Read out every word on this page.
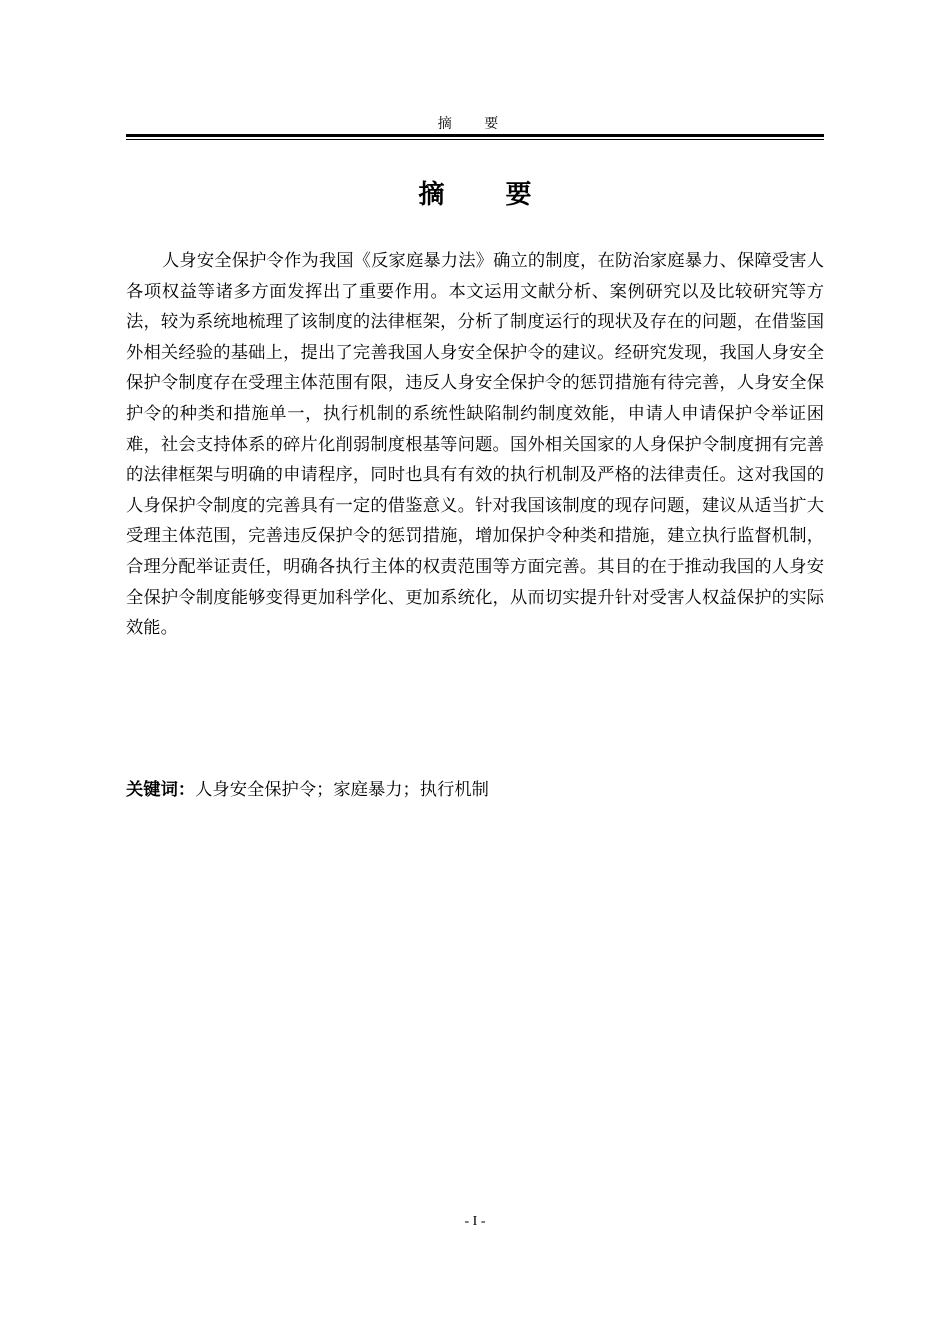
摘 要
摘 要

人身安全保护令作为我国《反家庭暴力法》确立的制度，在防治家庭暴力、保障受害人各项权益等诸多方面发挥出了重要作用。本文运用文献分析、案例研究以及比较研究等方法，较为系统地梳理了该制度的法律框架，分析了制度运行的现状及存在的问题，在借鉴国外相关经验的基础上，提出了完善我国人身安全保护令的建议。经研究发现，我国人身安全保护令制度存在受理主体范围有限，违反人身安全保护令的惩罚措施有待完善，人身安全保护令的种类和措施单一，执行机制的系统性缺陷制约制度效能，申请人申请保护令举证困难，社会支持体系的碎片化削弱制度根基等问题。国外相关国家的人身保护令制度拥有完善的法律框架与明确的申请程序，同时也具有有效的执行机制及严格的法律责任。这对我国的人身保护令制度的完善具有一定的借鉴意义。针对我国该制度的现存问题，建议从适当扩大受理主体范围，完善违反保护令的惩罚措施，增加保护令种类和措施，建立执行监督机制，合理分配举证责任，明确各执行主体的权责范围等方面完善。其目的在于推动我国的人身安全保护令制度能够变得更加科学化、更加系统化，从而切实提升针对受害人权益保护的实际效能。

关键词：人身安全保护令；家庭暴力；执行机制
- I -
